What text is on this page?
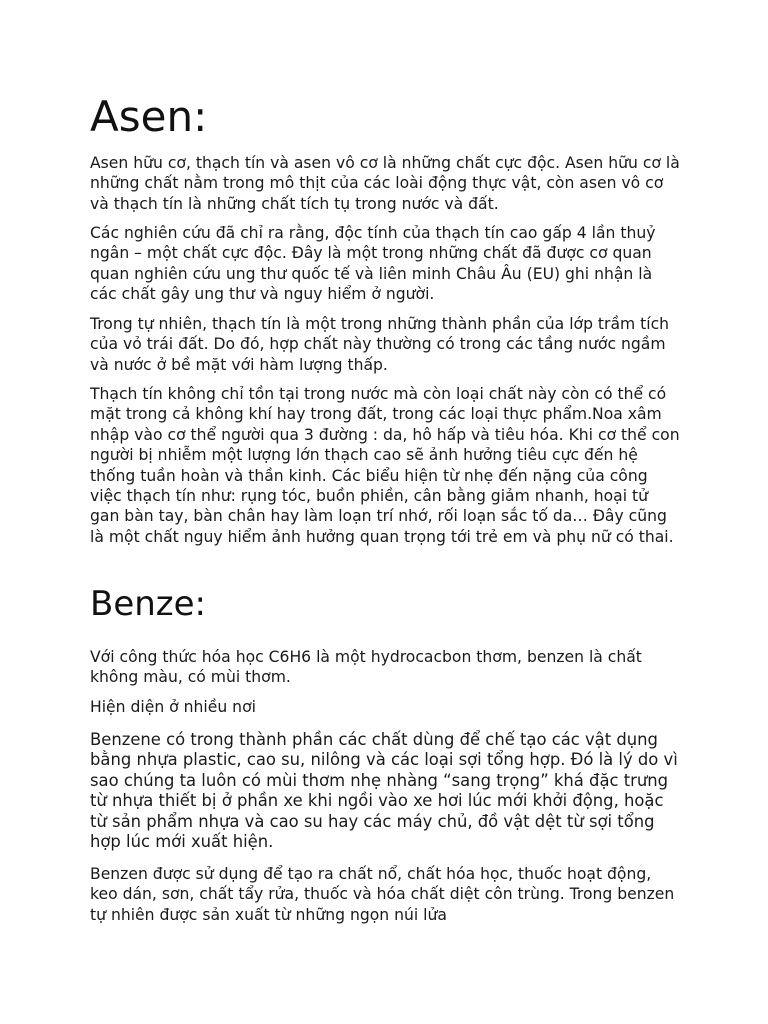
Asen:

Asen hữu cơ, thạch tín và asen vô cơ là những chất cực độc. Asen hữu cơ là những chất nằm trong mô thịt của các loài động thực vật, còn asen vô cơ và thạch tín là những chất tích tụ trong nước và đất.

Các nghiên cứu đã chỉ ra rằng, độc tính của thạch tín cao gấp 4 lần thuỷ ngân – một chất cực độc. Đây là một trong những chất đã được cơ quan quan nghiên cứu ung thư quốc tế và liên minh Châu Âu (EU) ghi nhận là các chất gây ung thư và nguy hiểm ở người.

Trong tự nhiên, thạch tín là một trong những thành phần của lớp trầm tích của vỏ trái đất. Do đó, hợp chất này thường có trong các tầng nước ngầm và nước ở bề mặt với hàm lượng thấp.

Thạch tín không chỉ tồn tại trong nước mà còn loại chất này còn có thể có mặt trong cả không khí hay trong đất, trong các loại thực phẩm.Noa xâm nhập vào cơ thể người qua 3 đường : da, hô hấp và tiêu hóa. Khi cơ thể con người bị nhiễm một lượng lớn thạch cao sẽ ảnh hưởng tiêu cực đến hệ thống tuần hoàn và thần kinh. Các biểu hiện từ nhẹ đến nặng của công việc thạch tín như: rụng tóc, buồn phiền, cân bằng giảm nhanh, hoại tử gan bàn tay, bàn chân hay làm loạn trí nhớ, rối loạn sắc tố da… Đây cũng là một chất nguy hiểm ảnh hưởng quan trọng tới trẻ em và phụ nữ có thai.

Benze:

Với công thức hóa học C6H6 là một hydrocacbon thơm, benzen là chất không màu, có mùi thơm.

Hiện diện ở nhiều nơi

Benzene có trong thành phần các chất dùng để chế tạo các vật dụng bằng nhựa plastic, cao su, nilông và các loại sợi tổng hợp. Đó là lý do vì sao chúng ta luôn có mùi thơm nhẹ nhàng “sang trọng” khá đặc trưng từ nhựa thiết bị ở phần xe khi ngồi vào xe hơi lúc mới khởi động, hoặc từ sản phẩm nhựa và cao su hay các máy chủ, đồ vật dệt từ sợi tổng hợp lúc mới xuất hiện.

Benzen được sử dụng để tạo ra chất nổ, chất hóa học, thuốc hoạt động, keo dán, sơn, chất tẩy rửa, thuốc và hóa chất diệt côn trùng. Trong benzen tự nhiên được sản xuất từ những ngọn núi lửa
